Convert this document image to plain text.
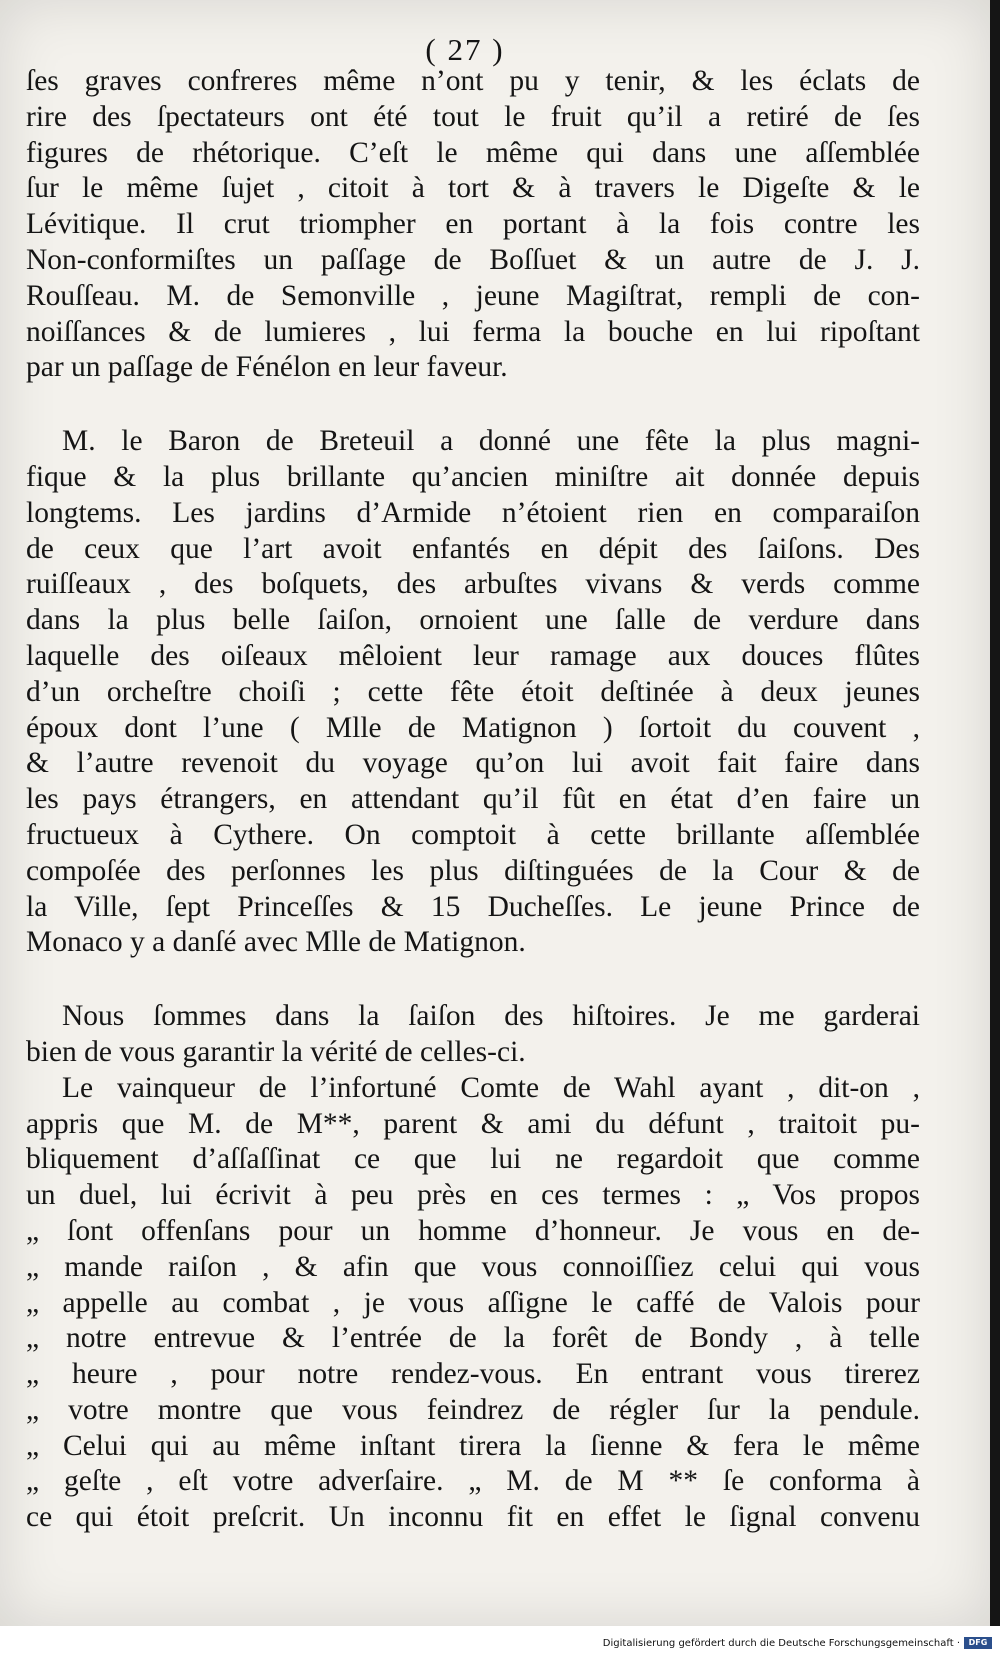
( 27 )
ſes graves confreres même n’ont pu y tenir, & les éclats de
rire des ſpectateurs ont été tout le fruit qu’il a retiré de ſes
figures de rhétorique. C’eſt le même qui dans une aſſemblée
ſur le même ſujet , citoit à tort & à travers le Digeſte & le
Lévitique. Il crut triompher en portant à la fois contre les
Non-conformiſtes un paſſage de Boſſuet & un autre de J. J.
Rouſſeau. M. de Semonville , jeune Magiſtrat, rempli de con-
noiſſances & de lumieres , lui ferma la bouche en lui ripoſtant
par un paſſage de Fénélon en leur faveur.
M. le Baron de Breteuil a donné une fête la plus magni-
fique & la plus brillante qu’ancien miniſtre ait donnée depuis
longtems. Les jardins d’Armide n’étoient rien en comparaiſon
de ceux que l’art avoit enfantés en dépit des ſaiſons. Des
ruiſſeaux , des boſquets, des arbuſtes vivans & verds comme
dans la plus belle ſaiſon, ornoient une ſalle de verdure dans
laquelle des oiſeaux mêloient leur ramage aux douces flûtes
d’un orcheſtre choiſi ; cette fête étoit deſtinée à deux jeunes
époux dont l’une ( Mlle de Matignon ) ſortoit du couvent ,
& l’autre revenoit du voyage qu’on lui avoit fait faire dans
les pays étrangers, en attendant qu’il fût en état d’en faire un
fructueux à Cythere. On comptoit à cette brillante aſſemblée
compoſée des perſonnes les plus diſtinguées de la Cour & de
la Ville, ſept Princeſſes & 15 Ducheſſes. Le jeune Prince de
Monaco y a danſé avec Mlle de Matignon.
Nous ſommes dans la ſaiſon des hiſtoires. Je me garderai
bien de vous garantir la vérité de celles-ci.
Le vainqueur de l’infortuné Comte de Wahl ayant , dit-on ,
appris que M. de M**, parent & ami du défunt , traitoit pu-
bliquement d’aſſaſſinat ce que lui ne regardoit que comme
un duel, lui écrivit à peu près en ces termes : „ Vos propos
„ ſont offenſans pour un homme d’honneur. Je vous en de-
„ mande raiſon , & afin que vous connoiſſiez celui qui vous
„ appelle au combat , je vous aſſigne le caffé de Valois pour
„ notre entrevue & l’entrée de la forêt de Bondy , à telle
„ heure , pour notre rendez-vous. En entrant vous tirerez
„ votre montre que vous feindrez de régler ſur la pendule.
„ Celui qui au même inſtant tirera la ſienne & fera le même
„ geſte , eſt votre adverſaire. „ M. de M ** ſe conforma à
ce qui étoit preſcrit. Un inconnu fit en effet le ſignal convenu
Digitalisierung gefördert durch die Deutsche Forschungsgemeinschaft ·	DFG
